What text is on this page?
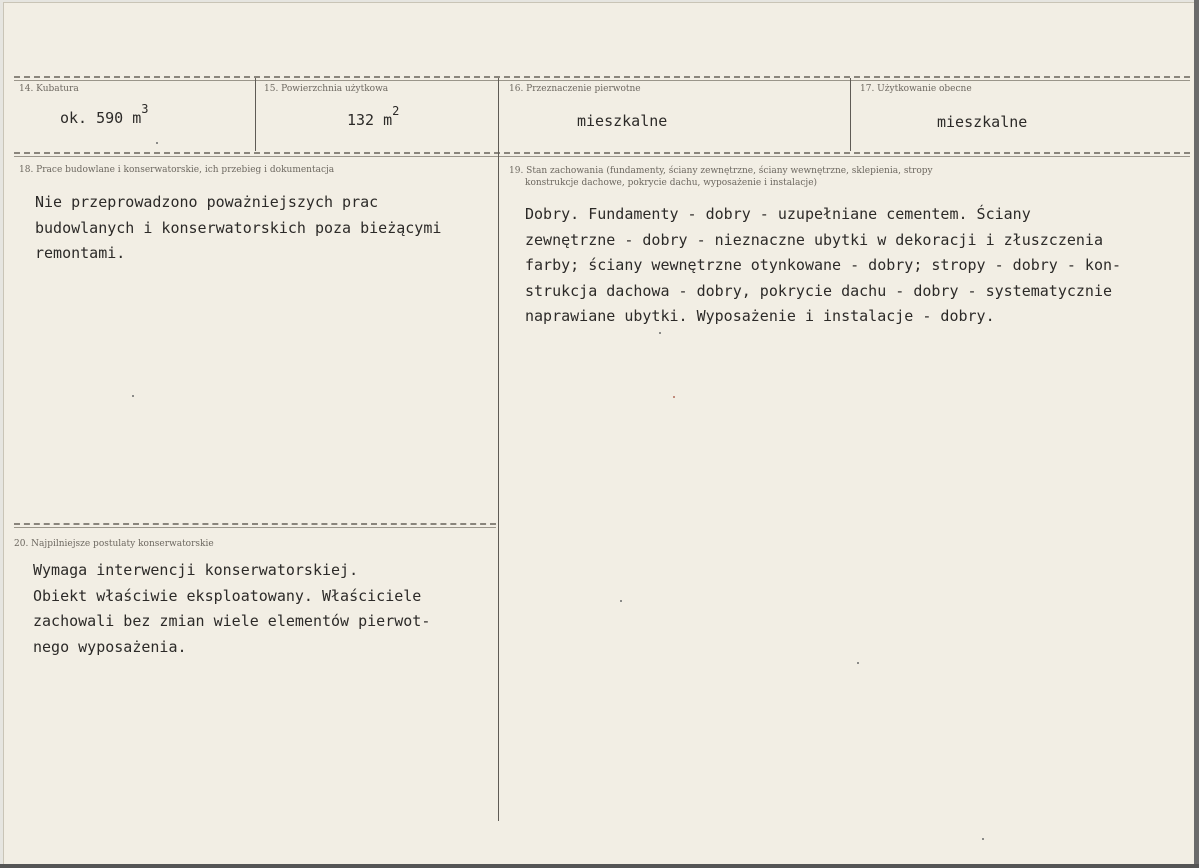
14. Kubatura
ok. 590 $m^3$
15. Powierzchnia użytkowa
132 $m^2$
16. Przeznaczenie pierwotne
mieszkalne
17. Użytkowanie obecne
mieszkalne
18. Prace budowlane i konserwatorskie, ich przebieg i dokumentacja
Nie przeprowadzono poważniejszych prac
budowlanych i konserwatorskich poza bieżącymi
remontami.
19. Stan zachowania (fundamenty, ściany zewnętrzne, ściany wewnętrzne, sklepienia, stropy
konstrukcje dachowe, pokrycie dachu, wyposażenie i instalacje)
Dobry. Fundamenty - dobry - uzupełniane cementem. Ściany
zewnętrzne - dobry - nieznaczne ubytki w dekoracji i złuszczenia
farby; ściany wewnętrzne otynkowane - dobry; stropy - dobry - kon-
strukcja dachowa - dobry, pokrycie dachu - dobry - systematycznie
naprawiane ubytki. Wyposażenie i instalacje - dobry.
20. Najpilniejsze postulaty konserwatorskie
Wymaga interwencji konserwatorskiej.
Obiekt właściwie eksploatowany. Właściciele
zachowali bez zmian wiele elementów pierwot-
nego wyposażenia.
